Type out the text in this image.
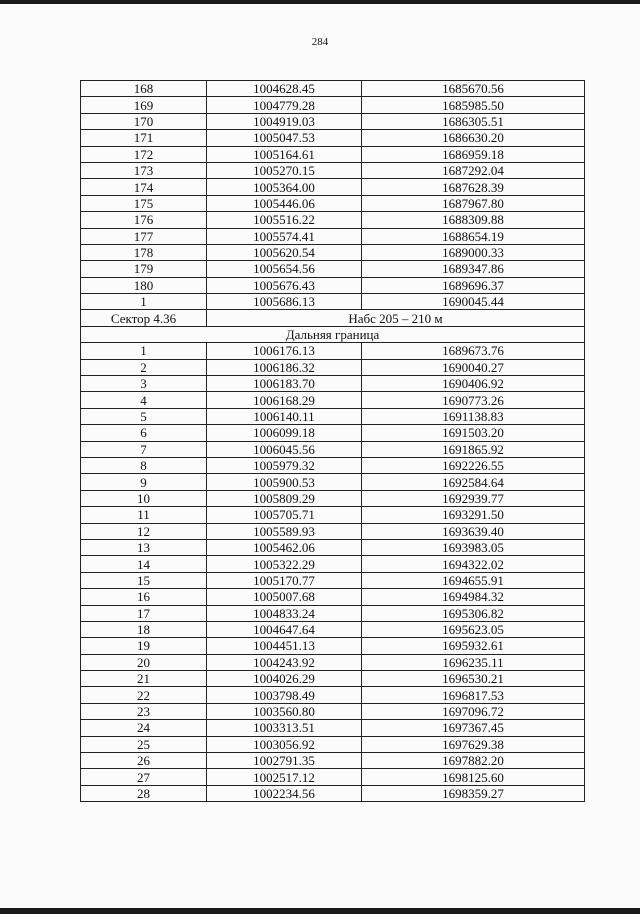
284
168	1004628.45	1685670.56
169	1004779.28	1685985.50
170	1004919.03	1686305.51
171	1005047.53	1686630.20
172	1005164.61	1686959.18
173	1005270.15	1687292.04
174	1005364.00	1687628.39
175	1005446.06	1687967.80
176	1005516.22	1688309.88
177	1005574.41	1688654.19
178	1005620.54	1689000.33
179	1005654.56	1689347.86
180	1005676.43	1689696.37
1	1005686.13	1690045.44
Сектор 4.36	Набс 205 – 210 м	
Дальняя граница		
1	1006176.13	1689673.76
2	1006186.32	1690040.27
3	1006183.70	1690406.92
4	1006168.29	1690773.26
5	1006140.11	1691138.83
6	1006099.18	1691503.20
7	1006045.56	1691865.92
8	1005979.32	1692226.55
9	1005900.53	1692584.64
10	1005809.29	1692939.77
11	1005705.71	1693291.50
12	1005589.93	1693639.40
13	1005462.06	1693983.05
14	1005322.29	1694322.02
15	1005170.77	1694655.91
16	1005007.68	1694984.32
17	1004833.24	1695306.82
18	1004647.64	1695623.05
19	1004451.13	1695932.61
20	1004243.92	1696235.11
21	1004026.29	1696530.21
22	1003798.49	1696817.53
23	1003560.80	1697096.72
24	1003313.51	1697367.45
25	1003056.92	1697629.38
26	1002791.35	1697882.20
27	1002517.12	1698125.60
28	1002234.56	1698359.27
